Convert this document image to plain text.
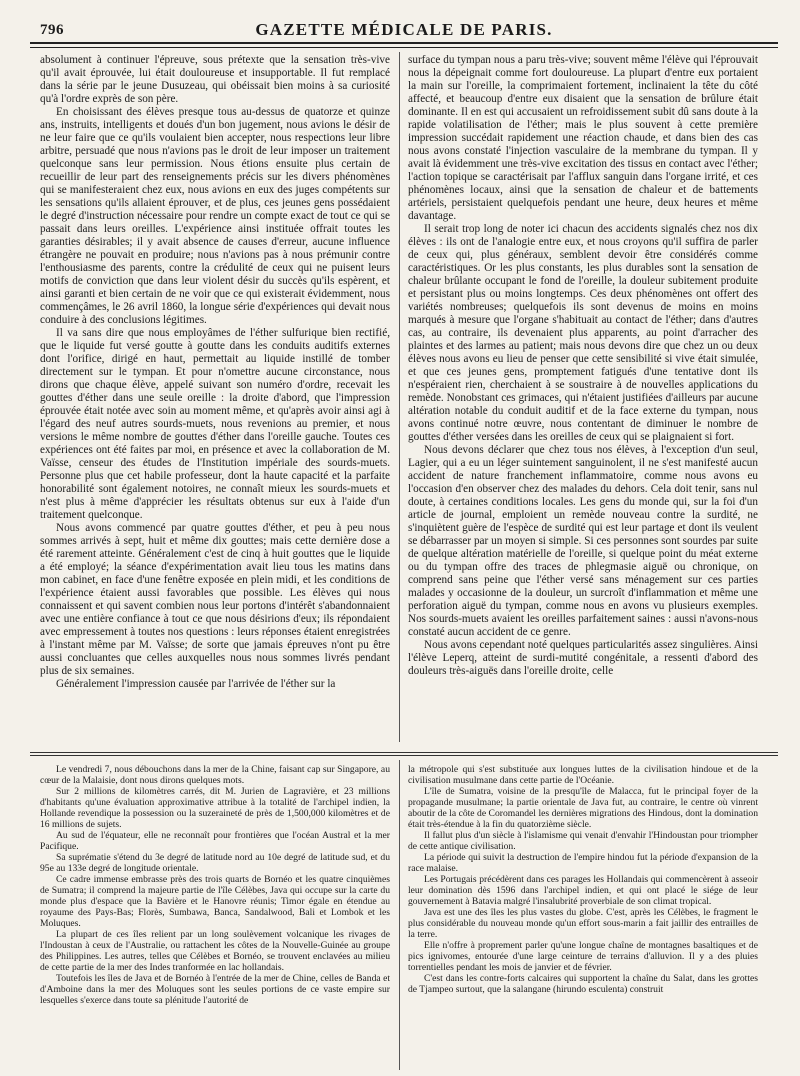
796	GAZETTE MÉDICALE DE PARIS.

absolument à continuer l'épreuve, sous prétexte que la sensation très-vive qu'il avait éprouvée, lui était douloureuse et insupportable. Il fut remplacé dans la série par le jeune Dusuzeau, qui obéissait bien moins à sa curiosité qu'à l'ordre exprès de son père.

En choisissant des élèves presque tous au-dessus de quatorze et quinze ans, instruits, intelligents et doués d'un bon jugement, nous avions le désir de ne leur faire que ce qu'ils voulaient bien accepter, nous respections leur libre arbitre, persuadé que nous n'avions pas le droit de leur imposer un traitement quelconque sans leur permission. Nous étions ensuite plus certain de recueillir de leur part des renseignements précis sur les divers phénomènes qui se manifesteraient chez eux, nous avions en eux des juges compétents sur les sensations qu'ils allaient éprouver, et de plus, ces jeunes gens possédaient le degré d'instruction nécessaire pour rendre un compte exact de tout ce qui se passait dans leurs oreilles. L'expérience ainsi instituée offrait toutes les garanties désirables; il y avait absence de causes d'erreur, aucune influence étrangère ne pouvait en produire; nous n'avions pas à nous prémunir contre l'enthousiasme des parents, contre la crédulité de ceux qui ne puisent leurs motifs de conviction que dans leur violent désir du succès qu'ils espèrent, et ainsi garanti et bien certain de ne voir que ce qui existerait évidemment, nous commençâmes, le 26 avril 1860, la longue série d'expériences qui devait nous conduire à des conclusions légitimes.

Il va sans dire que nous employâmes de l'éther sulfurique bien rectifié, que le liquide fut versé goutte à goutte dans les conduits auditifs externes dont l'orifice, dirigé en haut, permettait au liquide instillé de tomber directement sur le tympan. Et pour n'omettre aucune circonstance, nous dirons que chaque élève, appelé suivant son numéro d'ordre, recevait les gouttes d'éther dans une seule oreille : la droite d'abord, que l'impression éprouvée était notée avec soin au moment même, et qu'après avoir ainsi agi à l'égard des neuf autres sourds-muets, nous revenions au premier, et nous versions le même nombre de gouttes d'éther dans l'oreille gauche. Toutes ces expériences ont été faites par moi, en présence et avec la collaboration de M. Vaïsse, censeur des études de l'Institution impériale des sourds-muets. Personne plus que cet habile professeur, dont la haute capacité et la parfaite honorabilité sont également notoires, ne connaît mieux les sourds-muets et n'est plus à même d'apprécier les résultats obtenus sur eux à l'aide d'un traitement quelconque.

Nous avons commencé par quatre gouttes d'éther, et peu à peu nous sommes arrivés à sept, huit et même dix gouttes; mais cette dernière dose a été rarement atteinte. Généralement c'est de cinq à huit gouttes que le liquide a été employé; la séance d'expérimentation avait lieu tous les matins dans mon cabinet, en face d'une fenêtre exposée en plein midi, et les conditions de l'expérience étaient aussi favorables que possible. Les élèves qui nous connaissent et qui savent combien nous leur portons d'intérêt s'abandonnaient avec une entière confiance à tout ce que nous désirions d'eux; ils répondaient avec empressement à toutes nos questions : leurs réponses étaient enregistrées à l'instant même par M. Vaïsse; de sorte que jamais épreuves n'ont pu être aussi concluantes que celles auxquelles nous nous sommes livrés pendant plus de six semaines.

Généralement l'impression causée par l'arrivée de l'éther sur la

surface du tympan nous a paru très-vive; souvent même l'élève qui l'éprouvait nous la dépeignait comme fort douloureuse. La plupart d'entre eux portaient la main sur l'oreille, la comprimaient fortement, inclinaient la tête du côté affecté, et beaucoup d'entre eux disaient que la sensation de brûlure était dominante. Il en est qui accusaient un refroidissement subit dû sans doute à la rapide volatilisation de l'éther; mais le plus souvent à cette première impression succédait rapidement une réaction chaude, et dans bien des cas nous avons constaté l'injection vasculaire de la membrane du tympan. Il y avait là évidemment une très-vive excitation des tissus en contact avec l'éther; l'action topique se caractérisait par l'afflux sanguin dans l'organe irrité, et ces phénomènes locaux, ainsi que la sensation de chaleur et de battements artériels, persistaient quelquefois pendant une heure, deux heures et même davantage.

Il serait trop long de noter ici chacun des accidents signalés chez nos dix élèves : ils ont de l'analogie entre eux, et nous croyons qu'il suffira de parler de ceux qui, plus généraux, semblent devoir être considérés comme caractéristiques. Or les plus constants, les plus durables sont la sensation de chaleur brûlante occupant le fond de l'oreille, la douleur subitement produite et persistant plus ou moins longtemps. Ces deux phénomènes ont offert des variétés nombreuses; quelquefois ils sont devenus de moins en moins marqués à mesure que l'organe s'habituait au contact de l'éther; dans d'autres cas, au contraire, ils devenaient plus apparents, au point d'arracher des plaintes et des larmes au patient; mais nous devons dire que chez un ou deux élèves nous avons eu lieu de penser que cette sensibilité si vive était simulée, et que ces jeunes gens, promptement fatigués d'une tentative dont ils n'espéraient rien, cherchaient à se soustraire à de nouvelles applications du remède. Nonobstant ces grimaces, qui n'étaient justifiées d'ailleurs par aucune altération notable du conduit auditif et de la face externe du tympan, nous avons continué notre œuvre, nous contentant de diminuer le nombre de gouttes d'éther versées dans les oreilles de ceux qui se plaignaient si fort.

Nous devons déclarer que chez tous nos élèves, à l'exception d'un seul, Lagier, qui a eu un léger suintement sanguinolent, il ne s'est manifesté aucun accident de nature franchement inflammatoire, comme nous avons eu l'occasion d'en observer chez des malades du dehors. Cela doit tenir, sans nul doute, à certaines conditions locales. Les gens du monde qui, sur la foi d'un article de journal, emploient un remède nouveau contre la surdité, ne s'inquiètent guère de l'espèce de surdité qui est leur partage et dont ils veulent se débarrasser par un moyen si simple. Si ces personnes sont sourdes par suite de quelque altération matérielle de l'oreille, si quelque point du méat externe ou du tympan offre des traces de phlegmasie aiguë ou chronique, on comprend sans peine que l'éther versé sans ménagement sur ces parties malades y occasionne de la douleur, un surcroît d'inflammation et même une perforation aiguë du tympan, comme nous en avons vu plusieurs exemples. Nos sourds-muets avaient les oreilles parfaitement saines : aussi n'avons-nous constaté aucun accident de ce genre.

Nous avons cependant noté quelques particularités assez singulières. Ainsi l'élève Leperq, atteint de surdi-mutité congénitale, a ressenti d'abord des douleurs très-aiguës dans l'oreille droite, celle

Le vendredi 7, nous débouchons dans la mer de la Chine, faisant cap sur Singapore, au cœur de la Malaisie, dont nous dirons quelques mots.

Sur 2 millions de kilomètres carrés, dit M. Jurien de Lagravière, et 23 millions d'habitants qu'une évaluation approximative attribue à la totalité de l'archipel indien, la Hollande revendique la possession ou la suzeraineté de près de 1,500,000 kilomètres et de 16 millions de sujets.

Au sud de l'équateur, elle ne reconnaît pour frontières que l'océan Austral et la mer Pacifique.

Sa suprématie s'étend du 3e degré de latitude nord au 10e degré de latitude sud, et du 95e au 133e degré de longitude orientale.

Ce cadre immense embrasse près des trois quarts de Bornéo et les quatre cinquièmes de Sumatra; il comprend la majeure partie de l'île Célèbes, Java qui occupe sur la carte du monde plus d'espace que la Bavière et le Hanovre réunis; Timor égale en étendue au royaume des Pays-Bas; Florès, Sumbawa, Banca, Sandalwood, Bali et Lombok et les Moluques.

La plupart de ces îles relient par un long soulèvement volcanique les rivages de l'Indoustan à ceux de l'Australie, ou rattachent les côtes de la Nouvelle-Guinée au groupe des Philippines. Les autres, telles que Célèbes et Bornéo, se trouvent enclavées au milieu de cette partie de la mer des Indes tranformée en lac hollandais.

Toutefois les îles de Java et de Bornéo à l'entrée de la mer de Chine, celles de Banda et d'Amboine dans la mer des Moluques sont les seules portions de ce vaste empire sur lesquelles s'exerce dans toute sa plénitude l'autorité de

la métropole qui s'est substituée aux longues luttes de la civilisation hindoue et de la civilisation musulmane dans cette partie de l'Océanie.

L'île de Sumatra, voisine de la presqu'île de Malacca, fut le principal foyer de la propagande musulmane; la partie orientale de Java fut, au contraire, le centre où vinrent aboutir de la côte de Coromandel les dernières migrations des Hindous, dont la domination était très-étendue à la fin du quatorzième siècle.

Il fallut plus d'un siècle à l'islamisme qui venait d'envahir l'Hindoustan pour triompher de cette antique civilisation.

La période qui suivit la destruction de l'empire hindou fut la période d'expansion de la race malaise.

Les Portugais précédèrent dans ces parages les Hollandais qui commencèrent à asseoir leur domination dès 1596 dans l'archipel indien, et qui ont placé le siége de leur gouvernement à Batavia malgré l'insalubrité proverbiale de son climat tropical.

Java est une des îles les plus vastes du globe. C'est, après les Célèbes, le fragment le plus considérable du nouveau monde qu'un effort sous-marin a fait jaillir des entrailles de la terre.

Elle n'offre à proprement parler qu'une longue chaîne de montagnes basaltiques et de pics ignivomes, entourée d'une large ceinture de terrains d'alluvion. Il y a des pluies torrentielles pendant les mois de janvier et de février.

C'est dans les contre-forts calcaires qui supportent la chaîne du Salat, dans les grottes de Tjampeo surtout, que la salangane (hirundo esculenta) construit
